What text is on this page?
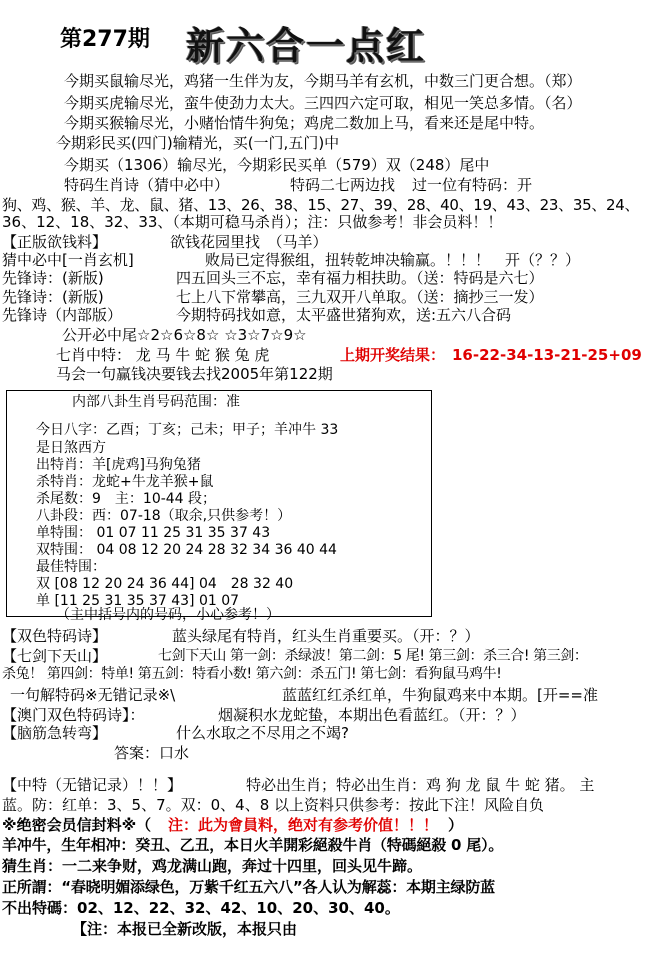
第277期 新六合一点红
今期买鼠输尽光，鸡猪一生伴为友，今期马羊有玄机，中数三门更合想。（郑）
今期买虎输尽光，蛮牛使劲力太大。三四四六定可取，相见一笑总多情。（名）
今期买猴输尽光，小赌怡情牛狗兔；鸡虎二数加上马，看来还是尾中特。
今期彩民买(四门)输精光，买(一门,五门)中
今期买（1306）输尽光，今期彩民买单（579）双（248）尾中
特码生肖诗（猜中必中）	特码二七两边找 过一位有特码：开
狗、鸡、猴、羊、龙、鼠、猪、13、26、38、15、27、39、28、40、19、43、23、35、24、
36、12、18、32、33、（本期可稳马杀肖）；注：只做参考！非会员料！！
【正版欲钱料】	欲钱花园里找　（马羊）
猜中必中[一肖玄机]	败局已定得猴组，扭转乾坤决输赢。！！！　开（？？）
先锋诗：(新版)	四五回头三不忘，幸有福力相扶助。（送：特码是六七）
先锋诗：(新版)	七上八下常攀高，三九双开八单取。（送：摘抄三一发）
先锋诗（内部版）	今期特码找如意，太平盛世猪狗欢，送:五六八合码
公开必中尾☆2☆6☆8☆ ☆3☆7☆9☆
七肖中特： 龙 马 牛 蛇 猴 兔 虎	上期开奖结果： 16-22-34-13-21-25+09
马会一句赢钱决要钱去找2005年第122期
内部八卦生肖号码范围：准
今日八字：乙酉；丁亥；己未；甲子；羊冲牛 33
是日煞西方
出特肖：羊[虎鸡]马狗兔猪
杀特肖：龙蛇+牛龙羊猴+鼠
杀尾数：9　主：10-44 段；
八卦段：西：07-18（取余,只供参考！）
单特围： 01 07 11 25 31 35 37 43
双特围： 04 08 12 20 24 28 32 34 36 40 44
最佳特围：
双 [08 12 20 24 36 44] 04　28 32 40
单 [11 25 31 35 37 43] 01 07
（主中括号内的号码，小心参考！）
【双色特码诗】	蓝头绿尾有特肖，红头生肖重要买。（开：？）
【七剑下天山】	七剑下天山 第一剑：杀绿波！第二剑：5 尾! 第三剑：杀三合! 第三剑：
杀兔！ 第四剑：特单! 第五剑：特看小数! 第六剑：杀五门! 第七剑：看狗鼠马鸡牛!
一句解特码※无错记录※\	蓝蓝红红杀红单，牛狗鼠鸡来中本期。[开==准
【澳门双色特码诗】：	烟凝积水龙蛇蛰，本期出色看蓝红。（开：？）
【脑筋急转弯】	什么水取之不尽用之不竭?
答案：口水
【中特（无错记录）！！】	特必出生肖；特必出生肖：鸡 狗 龙 鼠 牛 蛇 猪。 主
蓝。防：红单：3、5、7。双：0、4、8 以上资料只供参考：按此下注！风险自负
※绝密会员信封料※（ 注：此为會員料，绝对有参考价值！！！ ）
羊冲牛，生年相冲：癸丑、乙丑，本日火羊開彩絕殺牛肖（特碼絕殺 0 尾）。
猜生肖：一二来争财，鸡龙满山跑，奔过十四里，回头见牛蹄。
正所謂：“春晓明媚添绿色，万紫千红五六八”各人认为解蕊：本期主绿防蓝
不出特碼：02、12、22、32、42、10、20、30、40。
【注：本报已全新改版，本报只由
